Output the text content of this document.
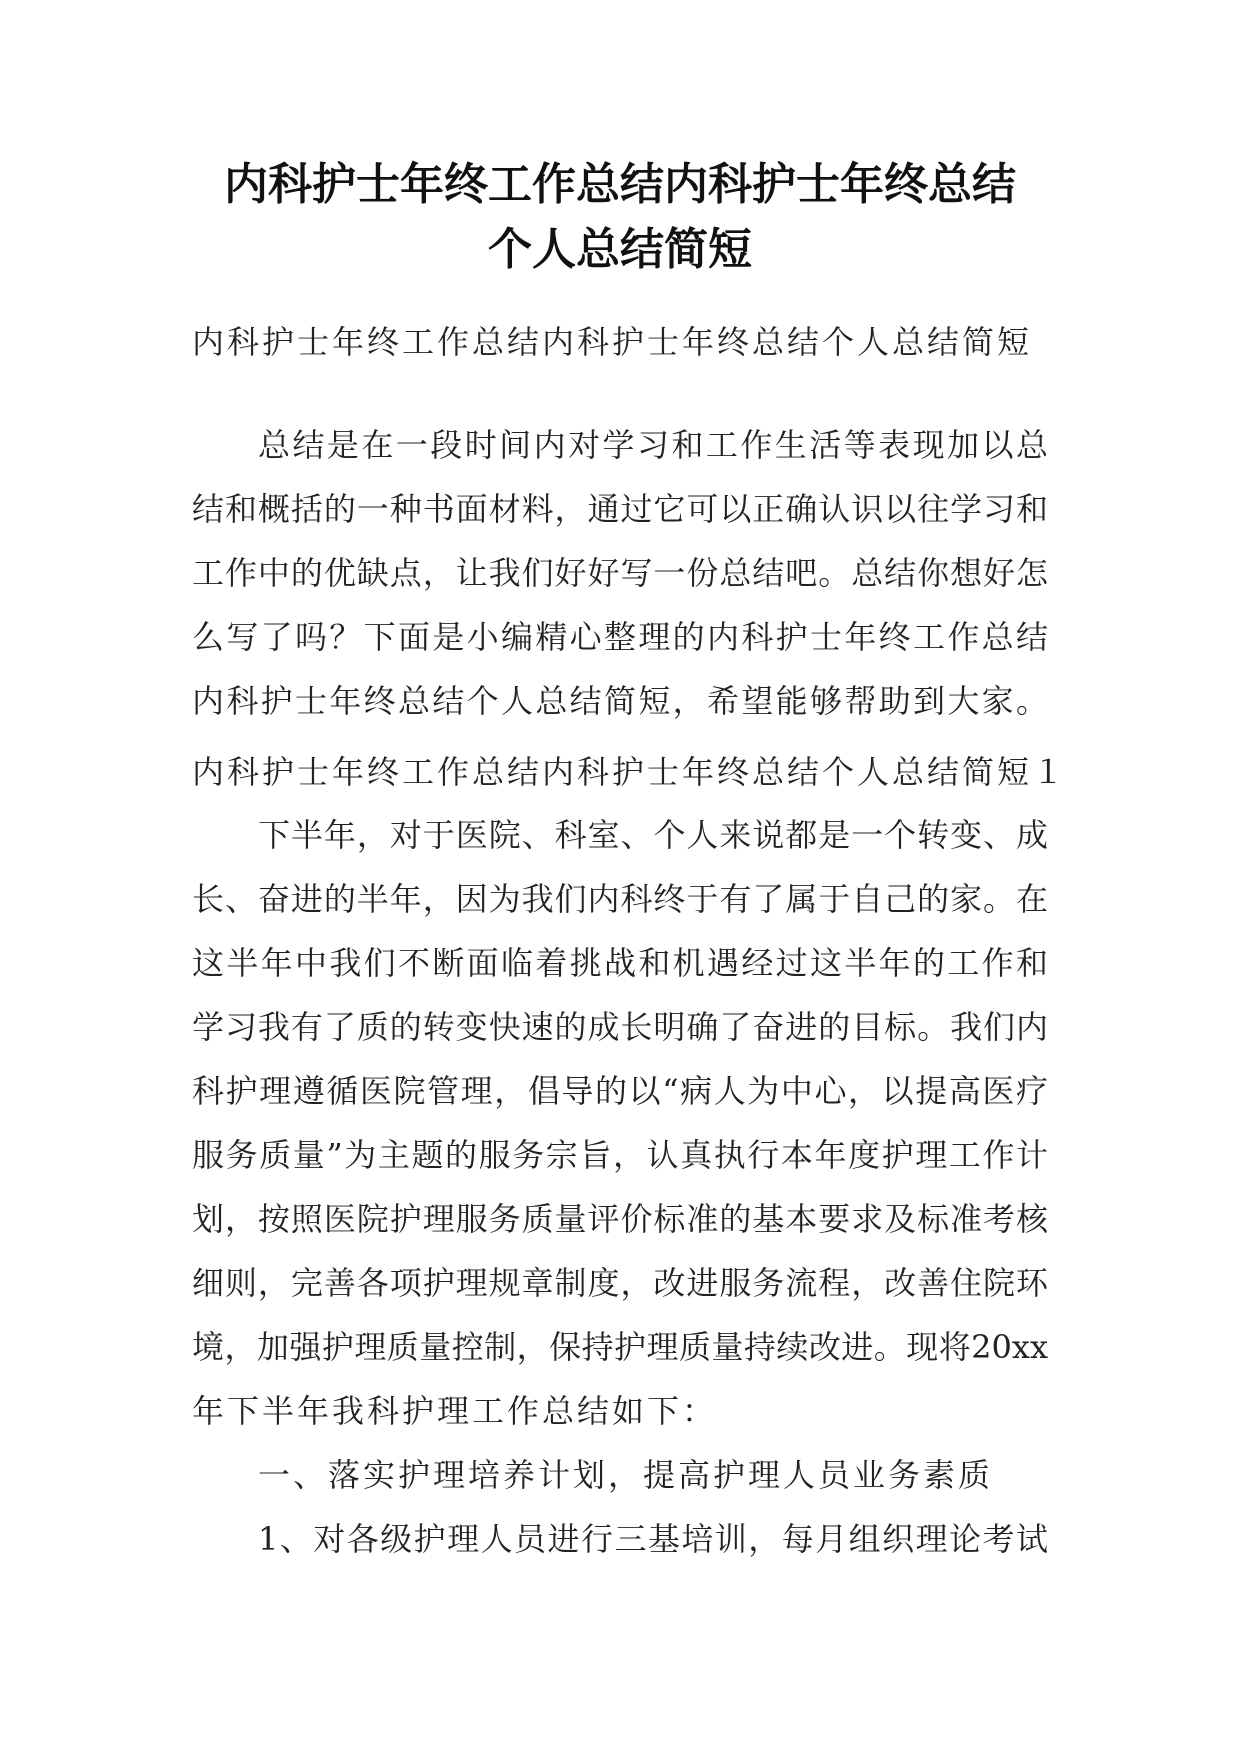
内科护士年终工作总结内科护士年终总结
个人总结简短
内科护士年终工作总结内科护士年终总结个人总结简短
总结是在一段时间内对学习和工作生活等表现加以总
结和概括的一种书面材料，通过它可以正确认识以往学习和
工作中的优缺点，让我们好好写一份总结吧。总结你想好怎
么写了吗？下面是小编精心整理的内科护士年终工作总结
内科护士年终总结个人总结简短，希望能够帮助到大家。
内科护士年终工作总结内科护士年终总结个人总结简短１
下半年，对于医院、科室、个人来说都是一个转变、成
长、奋进的半年，因为我们内科终于有了属于自己的家。在
这半年中我们不断面临着挑战和机遇经过这半年的工作和
学习我有了质的转变快速的成长明确了奋进的目标。我们内
科护理遵循医院管理，倡导的以“病人为中心，以提高医疗
服务质量”为主题的服务宗旨，认真执行本年度护理工作计
划，按照医院护理服务质量评价标准的基本要求及标准考核
细则，完善各项护理规章制度，改进服务流程，改善住院环
境，加强护理质量控制，保持护理质量持续改进。现将20xx
年下半年我科护理工作总结如下：
一、落实护理培养计划，提高护理人员业务素质
1、对各级护理人员进行三基培训，每月组织理论考试
